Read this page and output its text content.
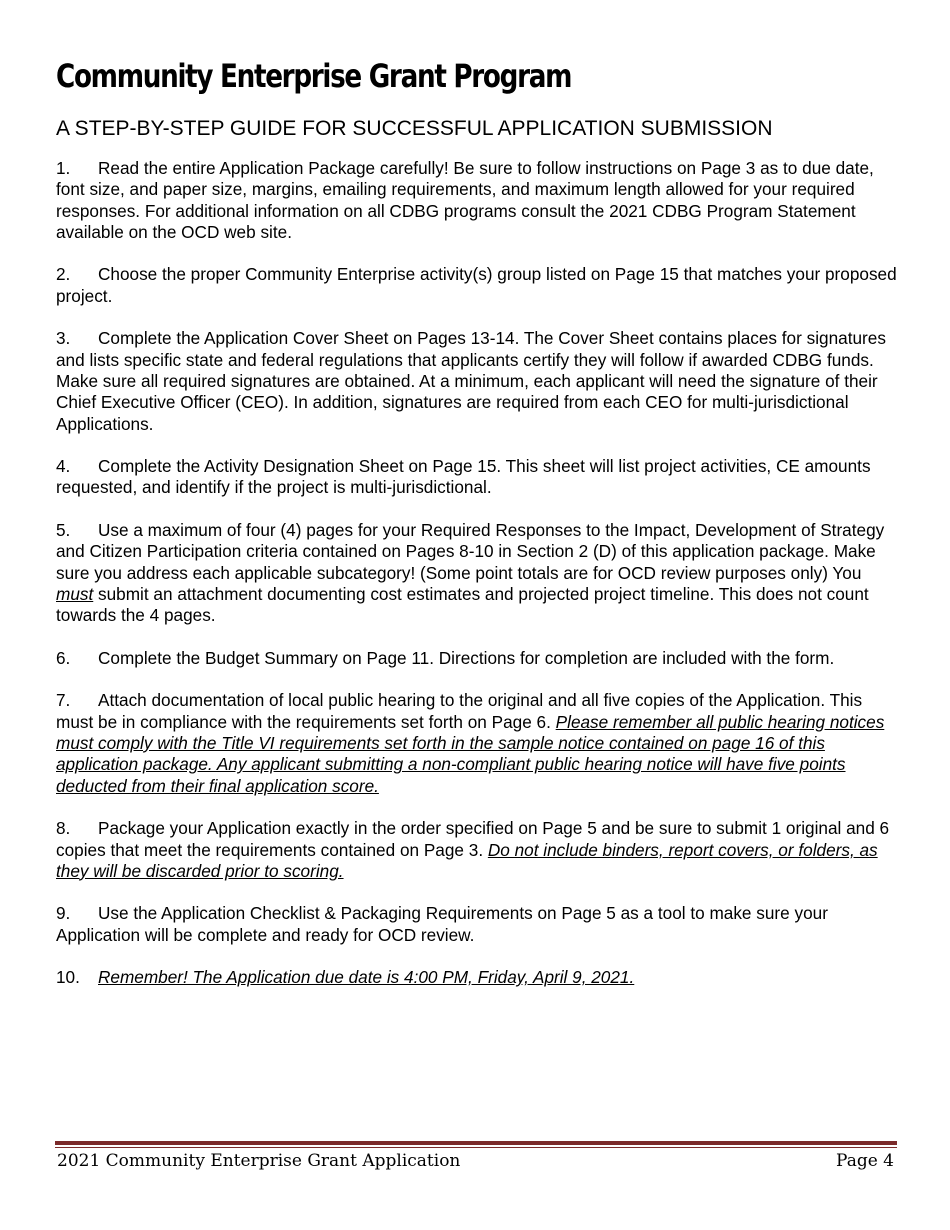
Community Enterprise Grant Program
A STEP-BY-STEP GUIDE FOR SUCCESSFUL APPLICATION SUBMISSION

1. Read the entire Application Package carefully! Be sure to follow instructions on Page 3 as to due date, font size, and paper size, margins, emailing requirements, and maximum length allowed for your required responses. For additional information on all CDBG programs consult the 2021 CDBG Program Statement available on the OCD web site.

2. Choose the proper Community Enterprise activity(s) group listed on Page 15 that matches your proposed project.

3. Complete the Application Cover Sheet on Pages 13-14. The Cover Sheet contains places for signatures and lists specific state and federal regulations that applicants certify they will follow if awarded CDBG funds. Make sure all required signatures are obtained. At a minimum, each applicant will need the signature of their Chief Executive Officer (CEO). In addition, signatures are required from each CEO for multi-jurisdictional Applications.

4. Complete the Activity Designation Sheet on Page 15. This sheet will list project activities, CE amounts requested, and identify if the project is multi-jurisdictional.

5. Use a maximum of four (4) pages for your Required Responses to the Impact, Development of Strategy and Citizen Participation criteria contained on Pages 8-10 in Section 2 (D) of this application package. Make sure you address each applicable subcategory! (Some point totals are for OCD review purposes only) You must submit an attachment documenting cost estimates and projected project timeline. This does not count towards the 4 pages.

6. Complete the Budget Summary on Page 11. Directions for completion are included with the form.

7. Attach documentation of local public hearing to the original and all five copies of the Application. This must be in compliance with the requirements set forth on Page 6. Please remember all public hearing notices must comply with the Title VI requirements set forth in the sample notice contained on page 16 of this application package. Any applicant submitting a non-compliant public hearing notice will have five points deducted from their final application score.

8. Package your Application exactly in the order specified on Page 5 and be sure to submit 1 original and 6 copies that meet the requirements contained on Page 3. Do not include binders, report covers, or folders, as they will be discarded prior to scoring.

9. Use the Application Checklist & Packaging Requirements on Page 5 as a tool to make sure your Application will be complete and ready for OCD review.

10. Remember! The Application due date is 4:00 PM, Friday, April 9, 2021.

2021 Community Enterprise Grant Application	Page 4
